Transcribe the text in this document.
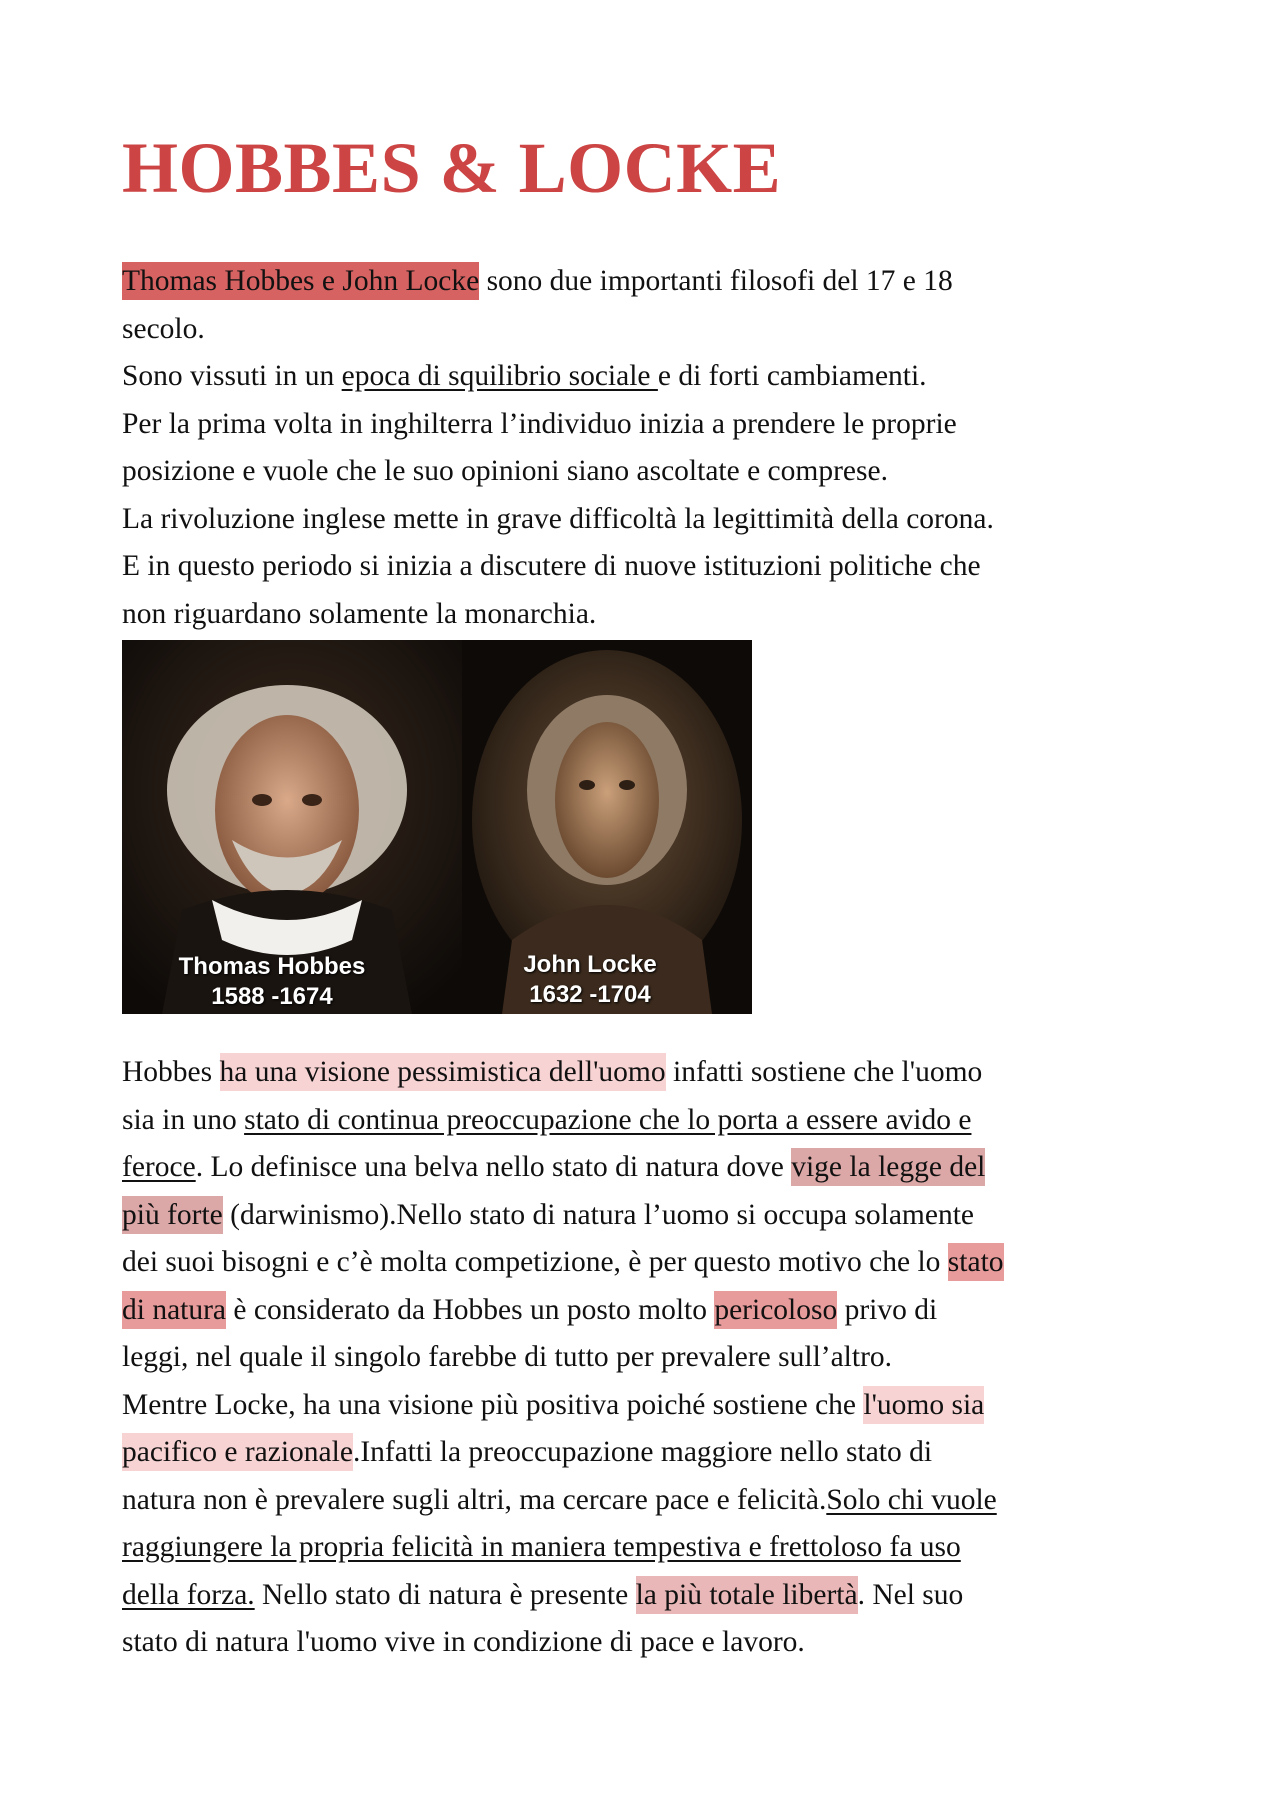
HOBBES & LOCKE

Thomas Hobbes e John Locke sono due importanti filosofi del 17 e 18
secolo.
Sono vissuti in un epoca di squilibrio sociale e di forti cambiamenti.
Per la prima volta in inghilterra l’individuo inizia a prendere le proprie
posizione e vuole che le suo opinioni siano ascoltate e comprese.
La rivoluzione inglese mette in grave difficoltà la legittimità della corona.
E in questo periodo si inizia a discutere di nuove istituzioni politiche che
non riguardano solamente la monarchia.

Thomas Hobbes
1588 -1674
John Locke
1632 -1704

Hobbes ha una visione pessimistica dell'uomo infatti sostiene che l'uomo
sia in uno stato di continua preoccupazione che lo porta a essere avido e
feroce. Lo definisce una belva nello stato di natura dove vige la legge del
più forte (darwinismo).Nello stato di natura l’uomo si occupa solamente
dei suoi bisogni e c’è molta competizione, è per questo motivo che lo stato
di natura è considerato da Hobbes un posto molto pericoloso privo di
leggi, nel quale il singolo farebbe di tutto per prevalere sull’altro.
Mentre Locke, ha una visione più positiva poiché sostiene che l'uomo sia
pacifico e razionale.Infatti la preoccupazione maggiore nello stato di
natura non è prevalere sugli altri, ma cercare pace e felicità.Solo chi vuole
raggiungere la propria felicità in maniera tempestiva e frettoloso fa uso
della forza. Nello stato di natura è presente la più totale libertà. Nel suo
stato di natura l'uomo vive in condizione di pace e lavoro.
